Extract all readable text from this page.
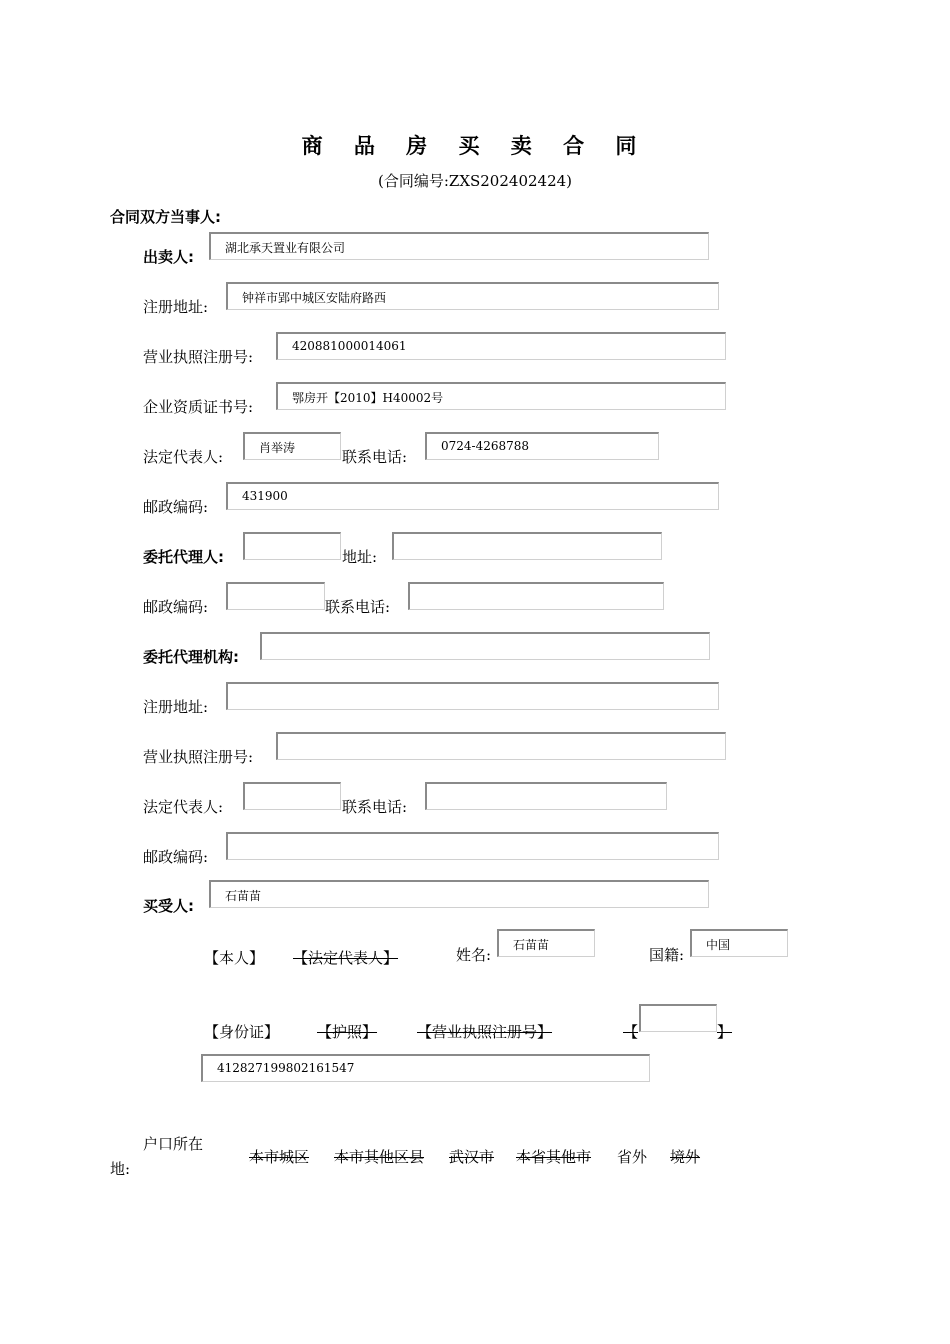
商 品 房 买 卖 合 同
(合同编号:ZXS202402424)
合同双方当事人:
出卖人:	湖北承天置业有限公司
注册地址:	钟祥市郢中城区安陆府路西
营业执照注册号:
420881000014061
企业资质证书号:	鄂房开【2010】H40002号
法定代表人:	肖举涛	联系电话:
0724-4268788
邮政编码:
431900
委托代理人:	地址:
邮政编码:	联系电话:
委托代理机构:
注册地址:
营业执照注册号:
法定代表人:	联系电话:
邮政编码:
买受人:
石苗苗
【本人】 【法定代表人】	姓名:
石苗苗
国籍:
中国
【身份证】	【护照】	【营业执照注册号】	【	】
412827199802161547
户口所在
地:
本市城区 本市其他区县 武汉市 本省其他市 省外 境外
